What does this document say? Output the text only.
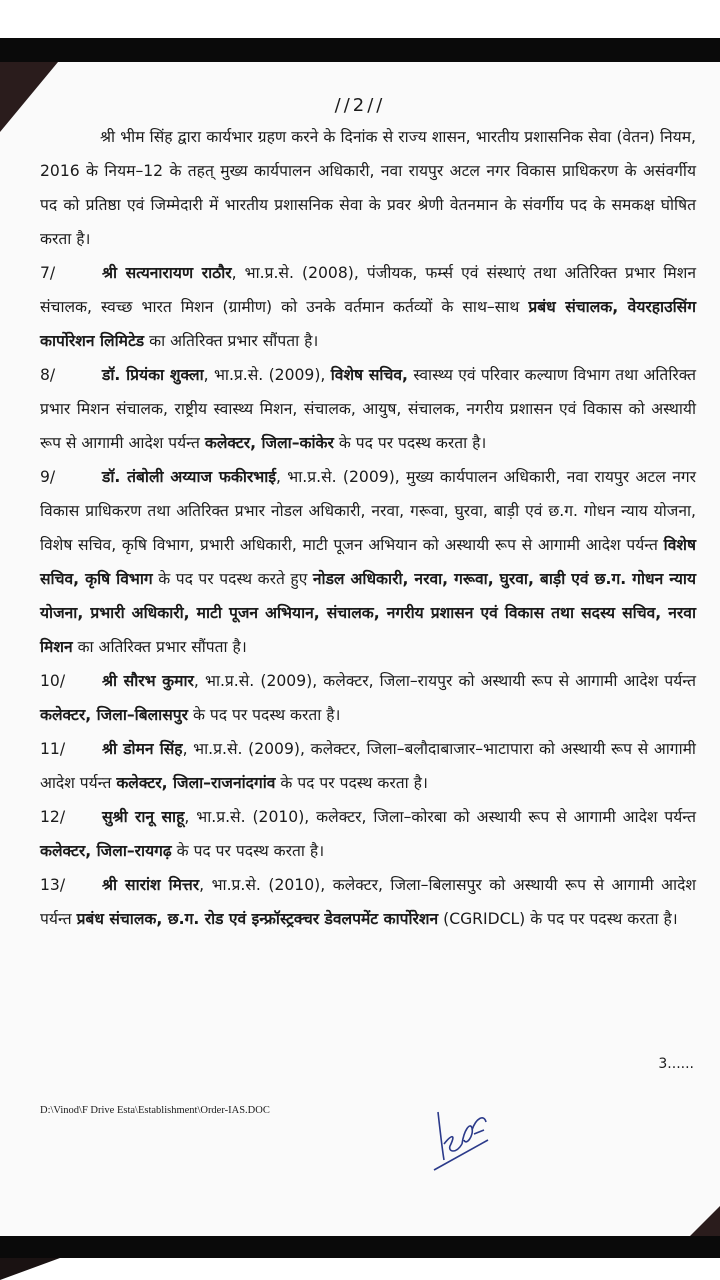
//2//

श्री भीम सिंह द्वारा कार्यभार ग्रहण करने के दिनांक से राज्य शासन, भारतीय प्रशासनिक सेवा (वेतन) नियम, 2016 के नियम–12 के तहत् मुख्य कार्यपालन अधिकारी, नवा रायपुर अटल नगर विकास प्राधिकरण के असंवर्गीय पद को प्रतिष्ठा एवं जिम्मेदारी में भारतीय प्रशासनिक सेवा के प्रवर श्रेणी वेतनमान के संवर्गीय पद के समकक्ष घोषित करता है।

7/	श्री सत्यनारायण राठौर, भा.प्र.से. (2008), पंजीयक, फर्म्स एवं संस्थाएं तथा अतिरिक्त प्रभार मिशन संचालक, स्वच्छ भारत मिशन (ग्रामीण) को उनके वर्तमान कर्तव्यों के साथ–साथ प्रबंध संचालक, वेयरहाउसिंग कार्पोरेशन लिमिटेड का अतिरिक्त प्रभार सौंपता है।

8/	डॉ. प्रियंका शुक्ला, भा.प्र.से. (2009), विशेष सचिव, स्वास्थ्य एवं परिवार कल्याण विभाग तथा अतिरिक्त प्रभार मिशन संचालक, राष्ट्रीय स्वास्थ्य मिशन, संचालक, आयुष, संचालक, नगरीय प्रशासन एवं विकास को अस्थायी रूप से आगामी आदेश पर्यन्त कलेक्टर, जिला–कांकेर के पद पर पदस्थ करता है।

9/	डॉ. तंबोली अय्याज फकीरभाई, भा.प्र.से. (2009), मुख्य कार्यपालन अधिकारी, नवा रायपुर अटल नगर विकास प्राधिकरण तथा अतिरिक्त प्रभार नोडल अधिकारी, नरवा, गरूवा, घुरवा, बाड़ी एवं छ.ग. गोधन न्याय योजना, विशेष सचिव, कृषि विभाग, प्रभारी अधिकारी, माटी पूजन अभियान को अस्थायी रूप से आगामी आदेश पर्यन्त विशेष सचिव, कृषि विभाग के पद पर पदस्थ करते हुए नोडल अधिकारी, नरवा, गरूवा, घुरवा, बाड़ी एवं छ.ग. गोधन न्याय योजना, प्रभारी अधिकारी, माटी पूजन अभियान, संचालक, नगरीय प्रशासन एवं विकास तथा सदस्य सचिव, नरवा मिशन का अतिरिक्त प्रभार सौंपता है।

10/ श्री सौरभ कुमार, भा.प्र.से. (2009), कलेक्टर, जिला–रायपुर को अस्थायी रूप से आगामी आदेश पर्यन्त कलेक्टर, जिला–बिलासपुर के पद पर पदस्थ करता है।

11/ श्री डोमन सिंह, भा.प्र.से. (2009), कलेक्टर, जिला–बलौदाबाजार–भाटापारा को अस्थायी रूप से आगामी आदेश पर्यन्त कलेक्टर, जिला–राजनांदगांव के पद पर पदस्थ करता है।

12/ सुश्री रानू साहू, भा.प्र.से. (2010), कलेक्टर, जिला–कोरबा को अस्थायी रूप से आगामी आदेश पर्यन्त कलेक्टर, जिला–रायगढ़ के पद पर पदस्थ करता है।

13/ श्री सारांश मित्तर, भा.प्र.से. (2010), कलेक्टर, जिला–बिलासपुर को अस्थायी रूप से आगामी आदेश पर्यन्त प्रबंध संचालक, छ.ग. रोड एवं इन्फ्रॉस्ट्रक्चर डेवलपमेंट कार्पोरेशन (CGRIDCL) के पद पर पदस्थ करता है।

3......
D:\Vinod\F Drive Esta\Establishment\Order-IAS.DOC
